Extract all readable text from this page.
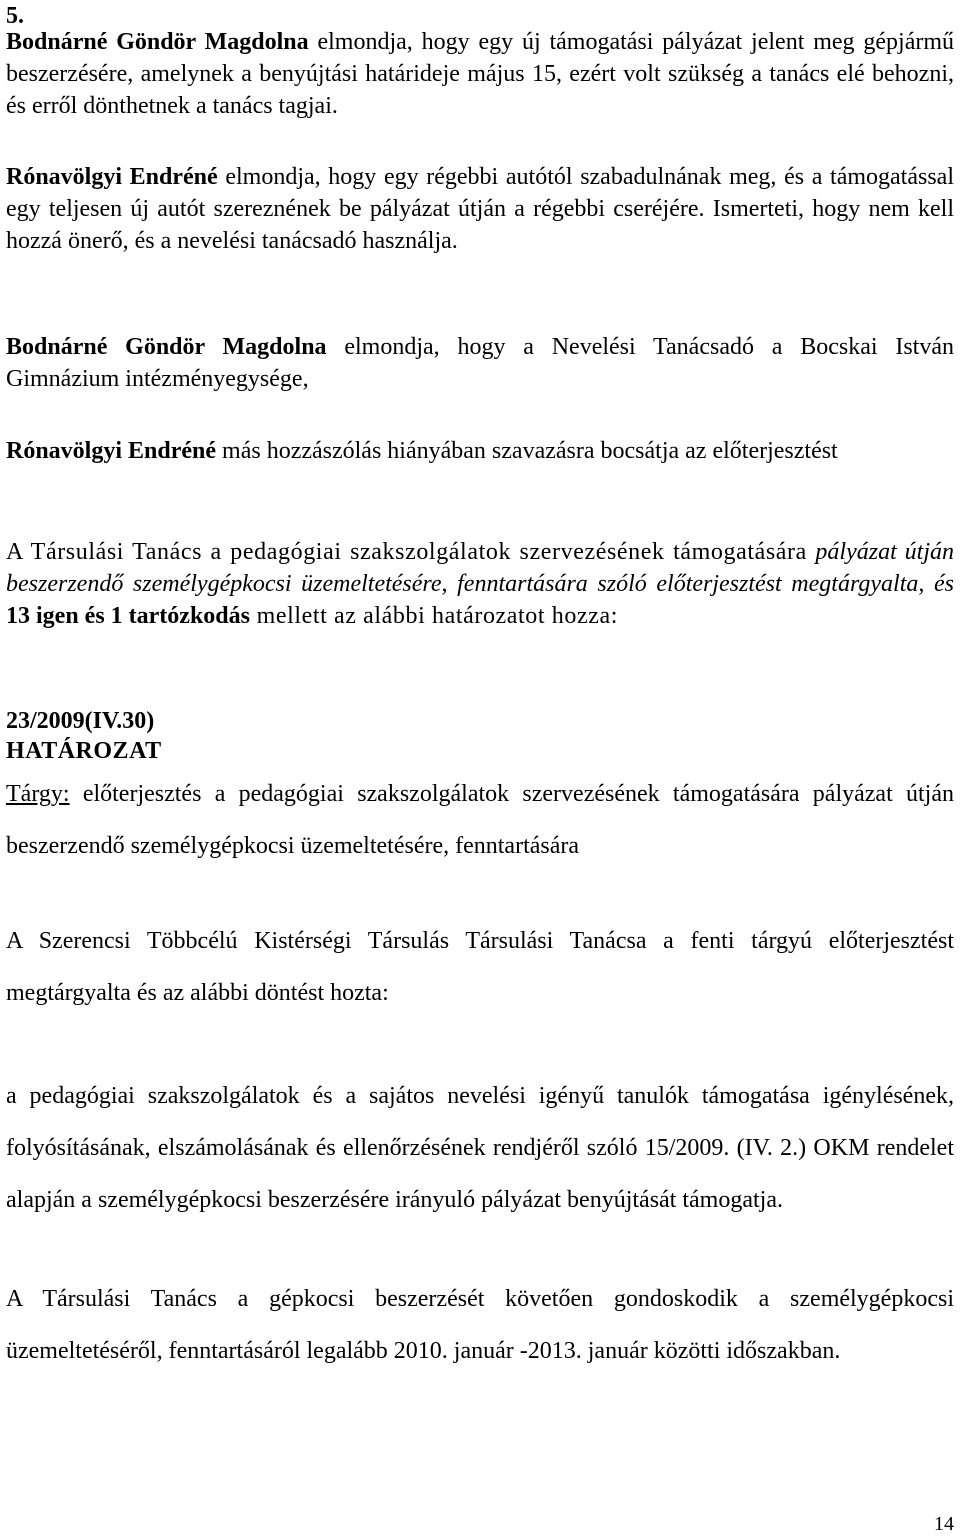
5.

Bodnárné Göndör Magdolna elmondja, hogy egy új támogatási pályázat jelent meg gépjármű beszerzésére, amelynek a benyújtási határideje május 15, ezért volt szükség a tanács elé behozni, és erről dönthetnek a tanács tagjai.

Rónavölgyi Endréné elmondja, hogy egy régebbi autótól szabadulnának meg, és a támogatással egy teljesen új autót szereznének be pályázat útján a régebbi cseréjére. Ismerteti, hogy nem kell hozzá önerő, és a nevelési tanácsadó használja.

Bodnárné Göndör Magdolna elmondja, hogy a Nevelési Tanácsadó a Bocskai István Gimnázium intézményegysége,

Rónavölgyi Endréné más hozzászólás hiányában szavazásra bocsátja az előterjesztést

A Társulási Tanács a pedagógiai szakszolgálatok szervezésének támogatására pályázat útján beszerzendő személygépkocsi üzemeltetésére, fenntartására szóló előterjesztést megtárgyalta, és 13 igen és 1 tartózkodás mellett az alábbi határozatot hozza:

23/2009(IV.30)

HATÁROZAT

Tárgy: előterjesztés a pedagógiai szakszolgálatok szervezésének támogatására pályázat útján beszerzendő személygépkocsi üzemeltetésére, fenntartására

A Szerencsi Többcélú Kistérségi Társulás Társulási Tanácsa a fenti tárgyú előterjesztést megtárgyalta és az alábbi döntést hozta:

a pedagógiai szakszolgálatok és a sajátos nevelési igényű tanulók támogatása igénylésének, folyósításának, elszámolásának és ellenőrzésének rendjéről szóló 15/2009. (IV. 2.) OKM rendelet alapján a személygépkocsi beszerzésére irányuló pályázat benyújtását támogatja.

A Társulási Tanács a gépkocsi beszerzését követően gondoskodik a személygépkocsi üzemeltetéséről, fenntartásáról legalább 2010. január -2013. január közötti időszakban.

14
